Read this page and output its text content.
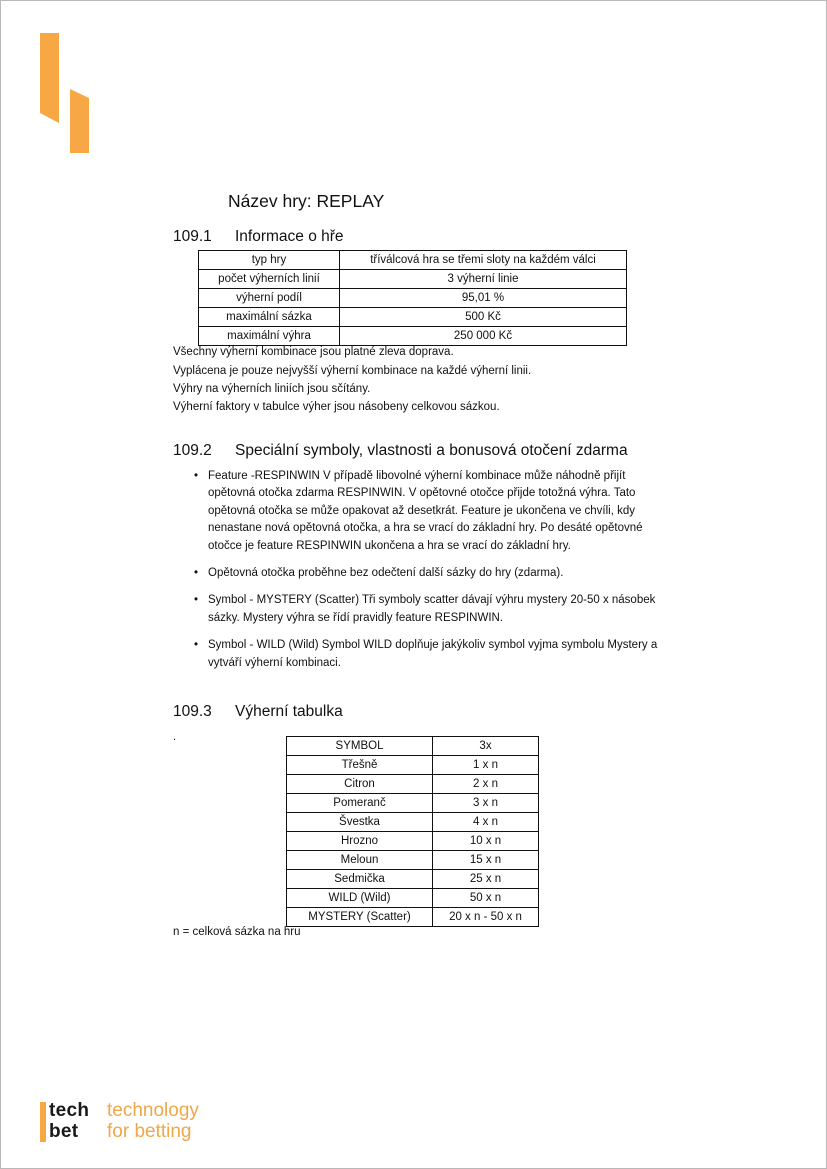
Název hry: REPLAY
109.1 Informace o hře
typ hry	tříválcová hra se třemi sloty na každém válci
počet výherních linií	3 výherní linie
výherní podíl	95,01 %
maximální sázka	500 Kč
maximální výhra	250 000 Kč
Všechny výherní kombinace jsou platné zleva doprava.
Vyplácena je pouze nejvyšší výherní kombinace na každé výherní linii.
Výhry na výherních liniích jsou sčítány.
Výherní faktory v tabulce výher jsou násobeny celkovou sázkou.
109.2 Speciální symboly, vlastnosti a bonusová otočení zdarma
• Feature -RESPINWIN V případě libovolné výherní kombinace může náhodně přijít opětovná otočka zdarma RESPINWIN. V opětovné otočce přijde totožná výhra. Tato opětovná otočka se může opakovat až desetkrát. Feature je ukončena ve chvíli, kdy nenastane nová opětovná otočka, a hra se vrací do základní hry. Po desáté opětovné otočce je feature RESPINWIN ukončena a hra se vrací do základní hry.
• Opětovná otočka proběhne bez odečtení další sázky do hry (zdarma).
• Symbol - MYSTERY (Scatter) Tři symboly scatter dávají výhru mystery 20-50 x násobek sázky. Mystery výhra se řídí pravidly feature RESPINWIN.
• Symbol - WILD (Wild) Symbol WILD doplňuje jakýkoliv symbol vyjma symbolu Mystery a vytváří výherní kombinaci.
109.3 Výherní tabulka
.
SYMBOL	3x
Třešně	1 x n
Citron	2 x n
Pomeranč	3 x n
Švestka	4 x n
Hrozno	10 x n
Meloun	15 x n
Sedmička	25 x n
WILD (Wild)	50 x n
MYSTERY (Scatter)	20 x n - 50 x n
n = celková sázka na hru
tech technology
bet for betting
